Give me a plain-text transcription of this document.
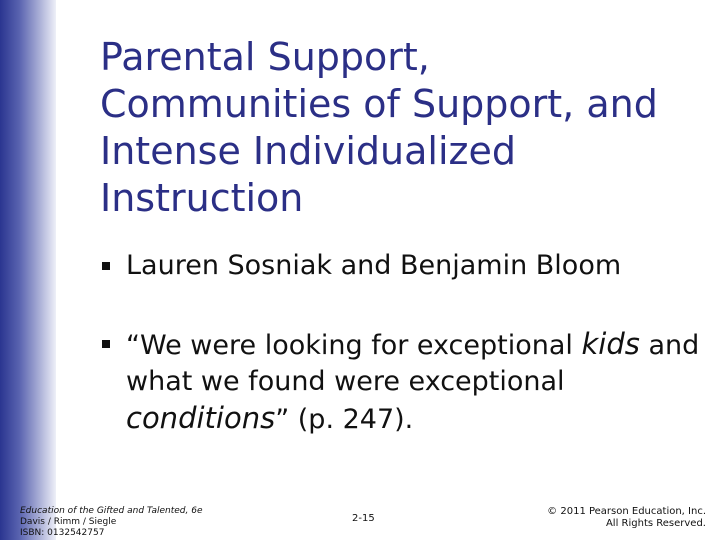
Parental Support,
Communities of Support, and
Intense Individualized
Instruction
Lauren Sosniak and Benjamin Bloom
“We were looking for exceptional kids and what we found were exceptional conditions” (p. 247).
Education of the Gifted and Talented, 6e
Davis / Rimm / Siegle
ISBN: 0132542757
2-15
© 2011 Pearson Education, Inc.
All Rights Reserved.
